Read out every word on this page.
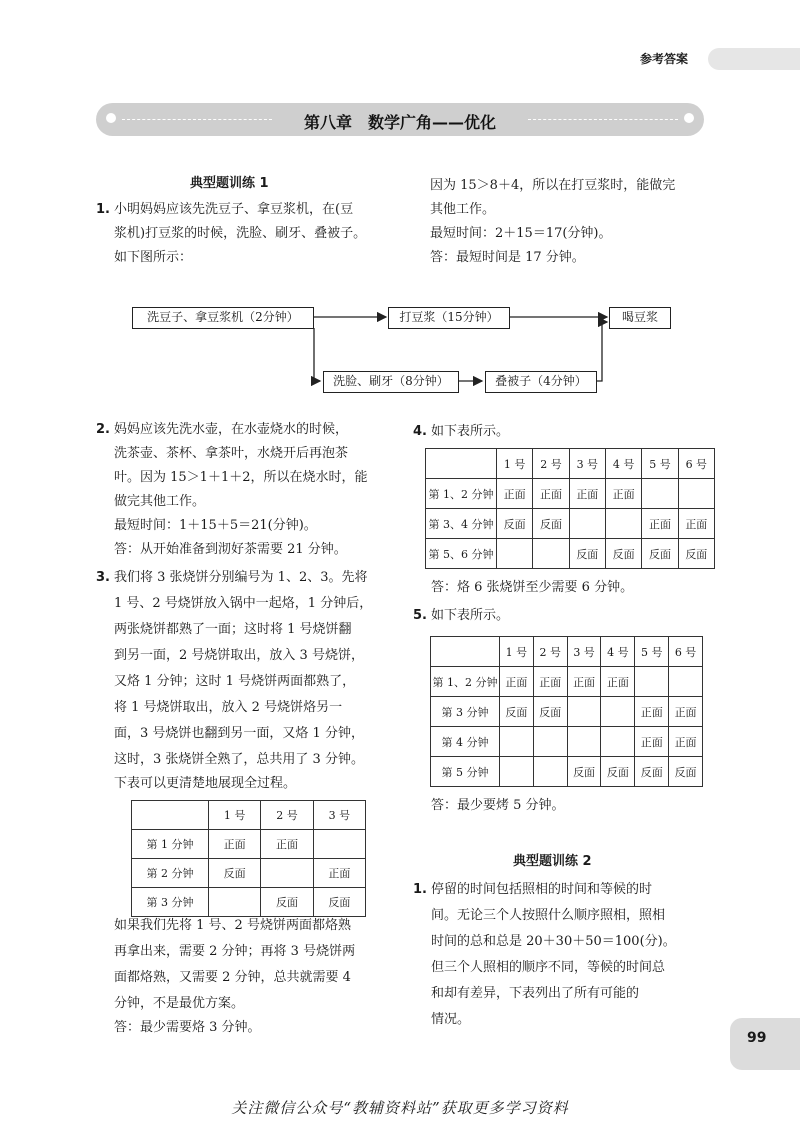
参考答案
第八章　数学广角——优化
典型题训练 1
1. 小明妈妈应该先洗豆子、拿豆浆机，在(豆
浆机)打豆浆的时候，洗脸、刷牙、叠被子。
如下图所示：
因为 15＞8＋4，所以在打豆浆时，能做完
其他工作。
最短时间：2＋15＝17(分钟)。
答：最短时间是 17 分钟。
洗豆子、拿豆浆机（2分钟）	打豆浆（15分钟）	喝豆浆
洗脸、刷牙（8分钟）	叠被子（4分钟）
2. 妈妈应该先洗水壶，在水壶烧水的时候，
洗茶壶、茶杯、拿茶叶，水烧开后再泡茶
叶。因为 15＞1＋1＋2，所以在烧水时，能
做完其他工作。
最短时间：1＋15＋5＝21(分钟)。
答：从开始准备到沏好茶需要 21 分钟。
3. 我们将 3 张烧饼分别编号为 1、2、3。先将
1 号、2 号烧饼放入锅中一起烙，1 分钟后，
两张烧饼都熟了一面；这时将 1 号烧饼翻
到另一面，2 号烧饼取出，放入 3 号烧饼，
又烙 1 分钟；这时 1 号烧饼两面都熟了，
将 1 号烧饼取出，放入 2 号烧饼烙另一
面，3 号烧饼也翻到另一面，又烙 1 分钟，
这时，3 张烧饼全熟了，总共用了 3 分钟。
下表可以更清楚地展现全过程。
	1 号	2 号	3 号
第 1 分钟	正面	正面	
第 2 分钟	反面		正面
第 3 分钟		反面	反面
如果我们先将 1 号、2 号烧饼两面都烙熟
再拿出来，需要 2 分钟；再将 3 号烧饼两
面都烙熟，又需要 2 分钟，总共就需要 4
分钟，不是最优方案。
答：最少需要烙 3 分钟。
4. 如下表所示。
	1 号	2 号	3 号	4 号	5 号	6 号
第 1、2 分钟	正面	正面	正面	正面		
第 3、4 分钟	反面	反面			正面	正面
第 5、6 分钟			反面	反面	反面	反面
答：烙 6 张烧饼至少需要 6 分钟。
5. 如下表所示。
	1 号	2 号	3 号	4 号	5 号	6 号
第 1、2 分钟	正面	正面	正面	正面		
第 3 分钟	反面	反面			正面	正面
第 4 分钟					正面	正面
第 5 分钟			反面	反面	反面	反面
答：最少要烤 5 分钟。
典型题训练 2
1. 停留的时间包括照相的时间和等候的时
间。无论三个人按照什么顺序照相，照相
时间的总和总是 20＋30＋50＝100(分)。
但三个人照相的顺序不同，等候的时间总
和却有差异，下表列出了所有可能的
情况。
99
关注微信公众号“教辅资料站”获取更多学习资料
